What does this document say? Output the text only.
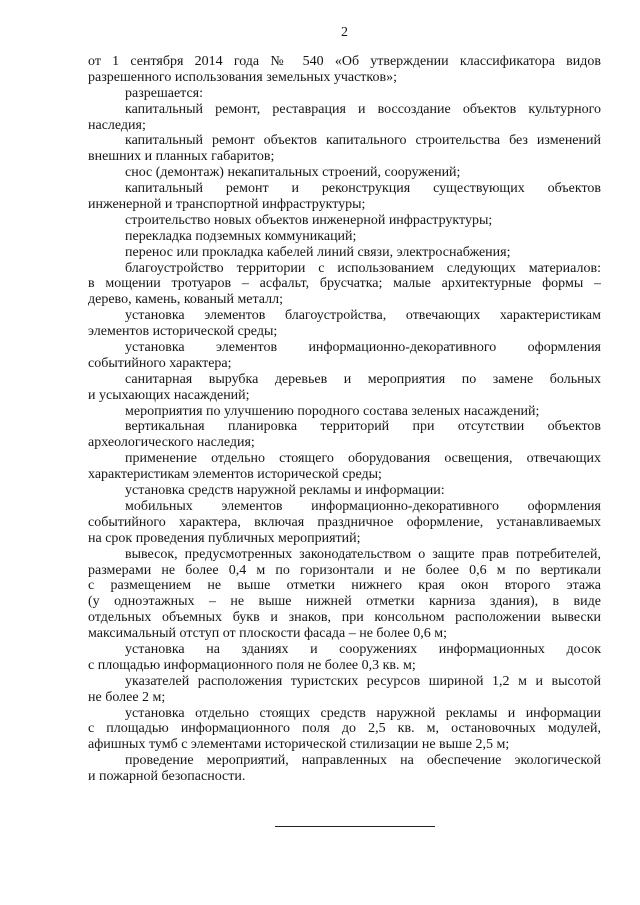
2
от 1 сентября 2014 года № 540 «Об утверждении классификатора видов
разрешенного использования земельных участков»;
разрешается:
капитальный ремонт, реставрация и воссоздание объектов культурного
наследия;
капитальный ремонт объектов капитального строительства без изменений
внешних и планных габаритов;
снос (демонтаж) некапитальных строений, сооружений;
капитальный ремонт и реконструкция существующих объектов
инженерной и транспортной инфраструктуры;
строительство новых объектов инженерной инфраструктуры;
перекладка подземных коммуникаций;
перенос или прокладка кабелей линий связи, электроснабжения;
благоустройство территории с использованием следующих материалов:
в мощении тротуаров – асфальт, брусчатка; малые архитектурные формы –
дерево, камень, кованый металл;
установка элементов благоустройства, отвечающих характеристикам
элементов исторической среды;
установка элементов информационно-декоративного оформления
событийного характера;
санитарная вырубка деревьев и мероприятия по замене больных
и усыхающих насаждений;
мероприятия по улучшению породного состава зеленых насаждений;
вертикальная планировка территорий при отсутствии объектов
археологического наследия;
применение отдельно стоящего оборудования освещения, отвечающих
характеристикам элементов исторической среды;
установка средств наружной рекламы и информации:
мобильных элементов информационно-декоративного оформления
событийного характера, включая праздничное оформление, устанавливаемых
на срок проведения публичных мероприятий;
вывесок, предусмотренных законодательством о защите прав потребителей,
размерами не более 0,4 м по горизонтали и не более 0,6 м по вертикали
с размещением не выше отметки нижнего края окон второго этажа
(у одноэтажных – не выше нижней отметки карниза здания), в виде
отдельных объемных букв и знаков, при консольном расположении вывески
максимальный отступ от плоскости фасада – не более 0,6 м;
установка на зданиях и сооружениях информационных досок
с площадью информационного поля не более 0,3 кв. м;
указателей расположения туристских ресурсов шириной 1,2 м и высотой
не более 2 м;
установка отдельно стоящих средств наружной рекламы и информации
с площадью информационного поля до 2,5 кв. м, остановочных модулей,
афишных тумб с элементами исторической стилизации не выше 2,5 м;
проведение мероприятий, направленных на обеспечение экологической
и пожарной безопасности.
